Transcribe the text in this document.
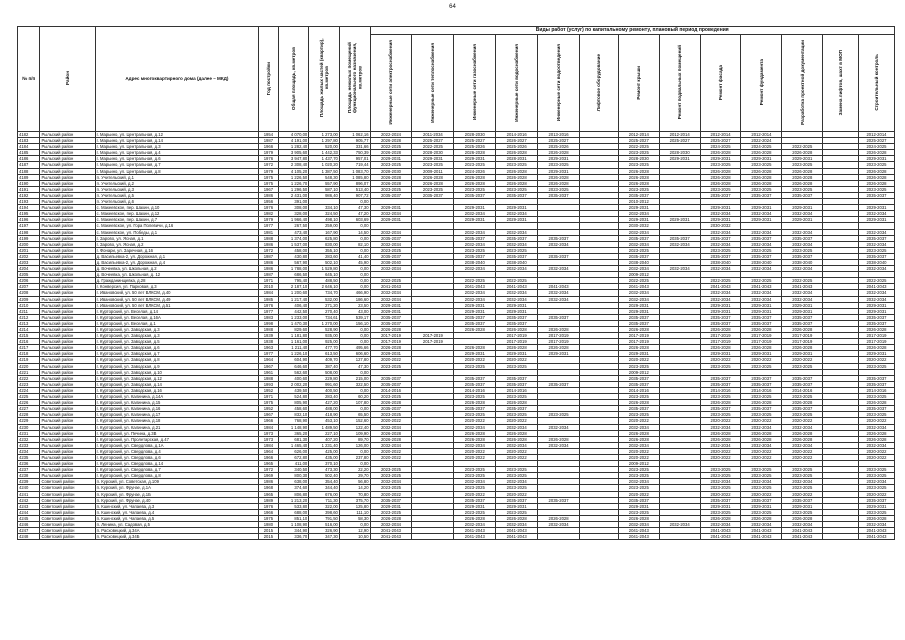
64
№ п/п	Район	Адрес многоквартирного дома (далее – МКД)	Год постройки	Общая площадь, кв.метров	Площадь жилых частей (квартир), кв.метров	Площадь нежилых помещений функционального назначения, кв.метров	Виды работ (услуг) по капитальному ремонту, плановый период проведения												
							Инженерные сети электроснабжения	Инженерные сети теплоснабжения	Инженерные сети газоснабжения	Инженерные сети водоснабжения	Инженерные сети водоотведения	Лифтовое оборудование	Ремонт крыши	Ремонт подвальных помещений	Ремонт фасада	Ремонт фундамента	Разработка проектной документации	Замена лифтов, шахт в МОП	Строительный контроль
4182	Рыльский район	г. Марьино, ул. Центральная, д.12	1954	4 070,00	1 273,00	1 062,16	2022-2024	2011-2034	2028-2030	2014-2016	2013-2016		2012-2014	2012-2014	2012-2014	2012-2014			2012-2014
4183	Рыльский район	г. Марьино, ул. Центральная, д.14	1987	4 191,00	1 297,80	905,77	2026-2028	2025-2027	2025-2027	2026-2027	2025-2027		2025-2027	2025-2027	2025-2027	2022-2024			2025-2027
4184	Рыльский район	г. Марьино, ул. Центральная, д.3	1966	1 282,40	520,00	331,66	2022-2025	2022-2025	2025-2026	2025-2026	2025-2026		2022-2025		2024-2025	2024-2025	2022-2025		2024-2025
4185	Рыльский район	г. Марьино, ул. Центральная, д.4	1979	3 905,60	1 442,33	750,39	2026-2028	2028-2030	2026-2028	2026-2028	2026-2028		2023-2025	2028-2030	2026-2028	2026-2028	2026-2028		2026-2028
4186	Рыльский район	г. Марьино, ул. Центральная, д.6	1976	3 947,80	1 437,70	957,01	2029-2031	2029-2031	2029-2031	2028-2031	2029-2031		2028-2030	2029-2031	2029-2031	2029-2031	2029-2031		2029-2031
4187	Рыльский район	г. Марьино, ул. Центральная, д.7	1972	2 308,40	1 020,20	719,44	2023-2025	2023-2025	2023-2025	2023-2025	2023-2025		2023-2025		2023-2025	2023-2025	2023-2025		2023-2025
4188	Рыльский район	г. Марьино, ул. Центральная, д.8	1979	4 105,20	1 387,50	1 083,70	2028-2030	2009-2011	2024-2026	2026-2028	2029-2031		2026-2028		2026-2028	2026-2028	2026-2028		2026-2028
4189	Рыльский район	п. Учительский, д.1	1975	1 226,50	548,30	1 085,80	2026-2028	2026-2028	2026-2028	2026-2028	2026-2028		2026-2028		2026-2028	2026-2028	2026-2028		2026-2028
4190	Рыльский район	п. Учительский, д.2	1975	1 226,70	557,90	896,07	2026-2028	2026-2028	2026-2028	2026-2028	2026-2028		2026-2028		2026-2028	2026-2028	2026-2028		2026-2028
4191	Рыльский район	п. Учительский, д.3	1967	1 296,50	587,10	513,40	2023-2025	2023-2025	2023-2025	2023-2025	2023-2025		2023-2025		2023-2025	2023-2025	2023-2025		2023-2025
4192	Рыльский район	п. Учительский, д.5	1986	2 431,00	986,40	907,72	2035-2037	2035-2037	2035-2037	2035-2037	2035-2037		2035-2037		2035-2037	2035-2037	2035-2037		2035-2037
4193	Рыльский район	п. Учительский, д.6	1956	391,00		0,00							2010-2012						
4194	Рыльский район	с. Макеевское, пер. Шахин, д.10	1976	308,00	334,10	47,30	2029-2031		2029-2031	2029-2031			2029-2031		2029-2031	2029-2031	2029-2031		2029-2031
4195	Рыльский район	с. Макеевское, пер. Шахин, д.12	1982	328,00	324,50	47,20	2032-2034		2032-2034	2032-2034			2032-2034		2032-2034	2032-2034	2032-2034		2032-2034
4196	Рыльский район	с. Макеевское, пер. Шахин, д.7	1979	1 966,40	498,10	603,69	2029-2031		2029-2031	2029-2031			2029-2031	2029-2031	2029-2031	2029-2031	2029-2031		2029-2031
4197	Рыльский район	с. Макеевское, ул. Гора Полевичи, д.16	1977	267,50	259,00	0,00							2030-2032		2030-2032				
4198	Рыльский район	с. Макеевское, ул. Победы, д.1	1981	473,40	167,90	14,50	2032-2034		2032-2034	2032-2034			2032-2034		2032-2034	2032-2034	2032-2034		2032-2034
4199	Рыльский район	г. Зарово, ул. Ясная, д.1	1988	1 374,00	625,80	0,00	2035-2037		2035-2037	2035-2037	2035-2037		2035-2037	2035-2037	2035-2037	2035-2037	2035-2037		2035-2037
4200	Рыльский район	г. Зарово, ул. Ясная, д.2	1986	1 537,00	830,00	82,10	2032-2034		2032-2034	2032-2034	2032-2034		2032-2034	2032-2034	2032-2034	2032-2034	2032-2034		2032-2034
4201	Рыльский район	г. Фонари, ул. Заречная, д.16	1972	458,00	355,10	0,00	2023-2025		2023-2025	2023-2025			2023-2025		2023-2025	2023-2025	2023-2025		2023-2025
4202	Рыльский район	д. Васильевка-2, ул. Дорожная, д.1	1987	430,80	283,60	41,40	2035-2037		2035-2037	2035-2037	2035-2037		2035-2037		2035-2037	2035-2037	2035-2037		2035-2037
4203	Рыльский район	д. Васильевка-2, ул. Дорожная, д.4	1986	567,90	502,10	45,90	2038-2040		2038-2040	2038-2040			2038-2040		2038-2040	2038-2040	2038-2040		2038-2040
4204	Рыльский район	д. Вочеевка, ул. Школьная, д.2	1986	1 788,00	1 529,80	0,00	2032-2034		2032-2034	2032-2034	2032-2034		2032-2034	2032-2034	2032-2034	2032-2034	2032-2034		2032-2034
4205	Рыльский район	д. Вочеевка, ул. Школьная, д. 12	1987	686,50	645,10	0,00							2009-2012						
4206	Рыльский район	д. Гражданинщевка, д.28	1971	795,40	488,50	0,00	2022-2025		2022-2025	2022-2025			2022-2025		2022-2025	2022-2025	2022-2025		2022-2025
4207	Рыльский район	г. Конверсия, ул. Парковая, д.3	2010	2 187,10	2 646,10	0,00	2041-2043		2041-2043	2041-2043	2041-2043		2041-2043		2041-2043	2041-2043	2041-2043		2041-2043
4208	Рыльский район	г. Ивановский, ул. 50 лет ВЛКСМ, д.40	1984	1 200,60	734,70	466,90	2032-2034		2032-2034	2032-2034	2032-2034		2032-2034		2032-2034	2032-2034	2032-2034		2032-2034
4209	Рыльский район	г. Ивановский, ул. 50 лет ВЛКСМ, д.49	1985	1 217,40	532,00	186,60	2032-2034		2032-2034	2032-2034	2032-2034		2032-2034		2032-2034	2032-2034	2032-2034		2032-2034
4210	Рыльский район	г. Ивановский, ул. 50 лет ВЛКСМ, д.51	1976	406,40	271,20	23,50	2029-2031		2029-2031	2029-2031			2029-2031		2029-2031	2029-2031	2029-2031		2029-2031
4211	Рыльский район	г. Курторский, ул. Веселая, д.14	1977	442,50	270,40	43,00	2029-2031		2029-2031	2029-2031			2029-2031		2029-2031	2029-2031	2029-2031		2029-2031
4212	Рыльский район	г. Курторский, ул. Веселая, д.16А	1983	1 233,00	734,61	539,17	2035-2037		2035-2037	2035-2037	2035-2037		2035-2037		2035-2037	2035-2037	2035-2037		2035-2037
4213	Рыльский район	г. Курторский, ул. Веселая, д.1	1998	1 470,30	1 270,00	156,10	2035-2037		2035-2037	2035-2037			2035-2037		2035-2037	2035-2037	2035-2037		2035-2037
4214	Рыльский район	г. Курторский, ул. Заводская, д.3	1988	829,60	528,90	0,00	2026-2028		2026-2028	2026-2028	2026-2028		2026-2028		2026-2028	2026-2028	2026-2028		2026-2028
4215	Рыльский район	г. Курторский, ул. Заводская, д.3	1939	1 181,80	935,00	0,00	2017-2019	2017-2019		2017-2019	2017-2019		2017-2019		2017-2019	2017-2019	2017-2019		2017-2019
4216	Рыльский район	г. Курторский, ул. Заводская, д.5	1938	1 161,00	925,00	0,00	2017-2019	2017-2019		2017-2019	2017-2019		2017-2019		2017-2019	2017-2019	2017-2019		2017-2019
4217	Рыльский район	г. Курторский, ул. Заводская, д.6	1963	1 211,40	477,70	495,66	2026-2028		2026-2028	2026-2028	2026-2028		2026-2028		2026-2028	2026-2028	2026-2028		2026-2028
4218	Рыльский район	г. Курторский, ул. Заводская, д.7	1977	1 226,10	613,50	606,60	2029-2031		2029-2031	2029-2031	2029-2031		2029-2031		2029-2031	2029-2031	2029-2031		2029-2031
4219	Рыльский район	г. Курторский, ул. Заводская, д.8	1964	604,90	409,70	127,80	2020-2022		2020-2022	2020-2022			2020-2022		2020-2022	2020-2022	2020-2022		2020-2022
4220	Рыльский район	г. Курторский, ул. Заводская, д.9	1967	646,60	387,40	47,30	2023-2025		2023-2025	2023-2025			2023-2025		2023-2025	2023-2025	2023-2025		2023-2025
4221	Рыльский район	г. Курторский, ул. Заводская, д.10	1961	562,60	508,00	0,00							2009-2012						
4222	Рыльский район	г. Курторский, ул. Заводская, д.12	1988	400,60	229,80	215,00	2035-2037		2035-2037	2035-2037			2035-2037		2035-2037	2035-2037	2035-2037		2035-2037
4223	Рыльский район	г. Курторский, ул. Заводская, д.14	1993	2 002,20	991,60	322,50	2035-2037		2035-2037	2035-2037	2035-2037		2035-2037		2035-2037	2035-2037	2035-2037		2035-2037
4224	Рыльский район	г. Курторский, ул. Заводская, д.16	1952	439,50	400,50	0,00	2014-2016		2014-2016	2014-2016			2014-2016		2014-2016	2014-2016	2014-2016		2014-2016
4225	Рыльский район	г. Курторский, ул. Калинина, д.14А	1971	524,80	283,40	60,20	2023-2025		2023-2025	2023-2025			2023-2025		2023-2025	2023-2025	2023-2025		2023-2025
4226	Рыльский район	г. Курторский, ул. Калинина, д.15	1975	805,90	427,20	107,80	2026-2028		2026-2028	2026-2028			2026-2028		2026-2028	2026-2028	2026-2028		2026-2028
4227	Рыльский район	г. Курторский, ул. Калинина, д.16	1952	458,60	488,00	0,00	2035-2037		2035-2037	2035-2037			2035-2037		2035-2037	2035-2037	2035-2037		2035-2037
4228	Рыльский район	г. Курторский, ул. Калинина, д.17	1967	832,10	418,90	65,50	2023-2025		2023-2025	2023-2025	2023-2025		2023-2025		2023-2025	2023-2025	2023-2025		2023-2025
4229	Рыльский район	г. Курторский, ул. Калинина, д.18	1966	768,90	453,10	152,60	2020-2022		2020-2022	2020-2022			2020-2022		2020-2022	2020-2022	2020-2022		2020-2022
4230	Рыльский район	г. Курторский, ул. Калинина, д.21	1984	1 148,90	1 489,50	122,40	2032-2034		2032-2034	2032-2034	2032-2034		2032-2034		2032-2034	2032-2034	2032-2034		2032-2034
4231	Рыльский район	г. Курторский, ул. Печина, д.3В	1973	365,20	227,10	109,90	2026-2028		2026-2028	2026-2028			2026-2028		2026-2028	2026-2028	2026-2028		2026-2028
4232	Рыльский район	г. Курторский, ул. Пролетарская, д.47	1973	681,30	407,20	89,70	2026-2028		2026-2028	2026-2028	2026-2028		2026-2028		2026-2028	2026-2028	2026-2028		2026-2028
4233	Рыльский район	г. Курторский, ул. Свердлова, д.1А	1984	1 465,40	1 231,40	126,00	2032-2034		2032-2034	2032-2034	2032-2034		2032-2034		2032-2034	2032-2034	2032-2034		2032-2034
4234	Рыльский район	г. Курторский, ул. Свердлова, д.4	1964	626,00	425,00	0,00	2020-2022		2020-2022	2020-2022			2020-2022		2020-2022	2020-2022	2020-2022		2020-2022
4235	Рыльский район	г. Курторский, ул. Свердлова, д.6	1966	672,80	435,00	237,80	2020-2022		2020-2022	2020-2022			2020-2022		2020-2022	2020-2022	2020-2022		2020-2022
4236	Рыльский район	г. Курторский, ул. Свердлова, д.14	1965	411,00	370,10	0,00							2009-2012						
4237	Рыльский район	г. Курторский, ул. Свердлова, д.7	1972	340,50	473,30	22,20	2023-2025		2023-2025	2023-2025			2023-2025		2023-2025	2023-2025	2023-2025		2023-2025
4238	Рыльский район	г. Курторский, ул. Свердлова, д.8	1969	800,30	502,40	29,70	2023-2025		2023-2025	2023-2025			2023-2025		2023-2025	2023-2025	2023-2025		2023-2025
4239	Советский район	п. Курский, ул. Советская, д.109	1986	638,00	354,40	56,80	2032-2034		2032-2034	2032-2034			2032-2034		2032-2034	2032-2034	2032-2034		2032-2034
4240	Советский район	п. Курский, ул. Фрунзе, д.1А	1968	374,60	344,40	14,20	2023-2025		2023-2025	2023-2025			2023-2025		2023-2025	2023-2025	2023-2025		2023-2025
4241	Советский район	п. Курский, ул. Фрунзе, д.1Б	1965	806,80	676,00	70,80	2020-2022		2020-2022	2020-2022			2020-2022		2020-2022	2020-2022	2020-2022		2020-2022
4242	Советский район	п. Курский, ул. Фрунзе, д.40	1989	1 213,20	711,30	375,70	2035-2037		2035-2037	2035-2037	2035-2037		2035-2037		2035-2037	2035-2037	2035-2037		2035-2037
4243	Советский район	п. Кшенский, ул. Чапаева, д.3	1976	533,80	322,00	125,80	2029-2031		2029-2031	2029-2031			2029-2031		2029-2031	2029-2031	2029-2031		2029-2031
4244	Советский район	п. Кшенский, ул. Чапаева, д.4	1966	688,00	398,60	111,10	2023-2025		2023-2025	2023-2025			2023-2025		2023-2025	2023-2025	2023-2025		2023-2025
4245	Советский район	п. Кшенский, ул. Чапаева, д.5	1975	851,10	791,50	58,30	2026-2028		2026-2028	2026-2028	2026-2028		2026-2028		2026-2028	2026-2028	2026-2028		2026-2028
4246	Советский район	п. Ленина, ул. Садовая, д.5	1980	1 108,90	516,00	0,00	2032-2034		2032-2034	2032-2034	2032-2034		2032-2034	2032-2034	2032-2034	2032-2034	2032-2034		2032-2034
4247	Советский район	п. Расховецкий, д.34А	2015	344,90	326,90	12,90	2041-2043		2041-2043	2041-2043			2041-2043		2041-2043	2041-2043	2041-2043		2041-2043
4248	Советский район	п. Расховецкий, д.34Б	2015	336,70	347,30	10,50	2041-2043		2041-2043	2041-2043			2041-2043		2041-2043	2041-2043	2041-2043		2041-2043
